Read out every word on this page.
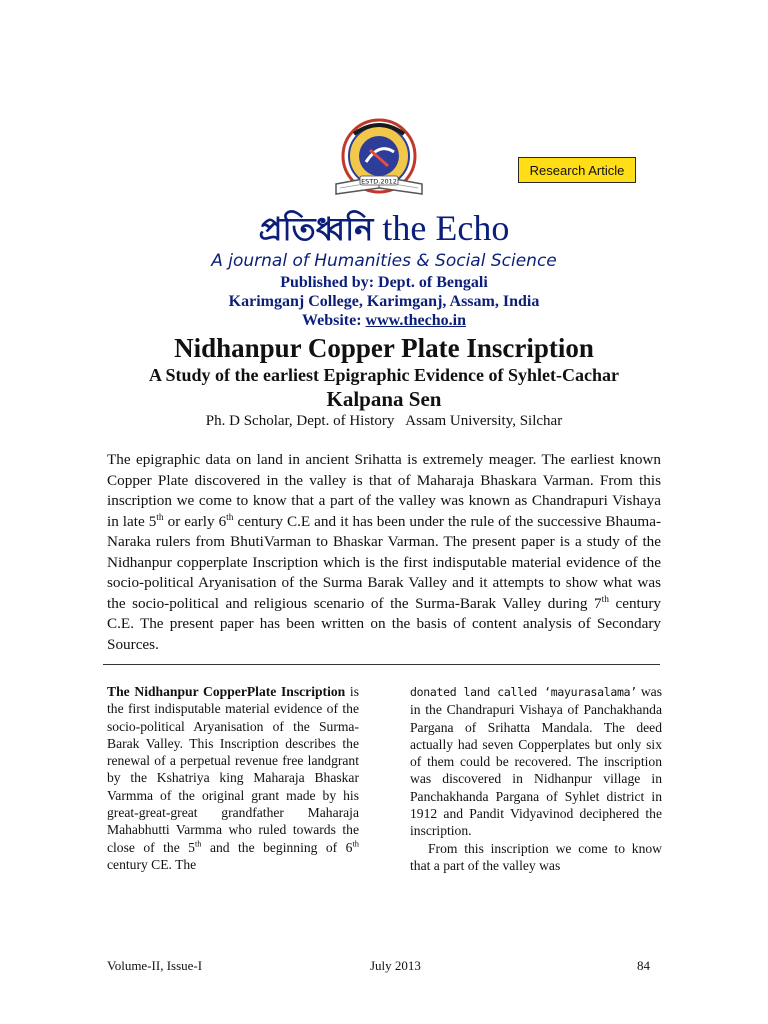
ESTD.2012
Research Article
প্রতিধ্বনি the Echo
A journal of Humanities & Social Science
Published by: Dept. of Bengali
Karimganj College, Karimganj, Assam, India
Website: www.thecho.in
Nidhanpur Copper Plate Inscription
A Study of the earliest Epigraphic Evidence of Syhlet-Cachar
Kalpana Sen
Ph. D Scholar, Dept. of History Assam University, Silchar
The epigraphic data on land in ancient Srihatta is extremely meager. The earliest known Copper Plate discovered in the valley is that of Maharaja Bhaskara Varman. From this inscription we come to know that a part of the valley was known as Chandrapuri Vishaya in late 5th or early 6th century C.E and it has been under the rule of the successive Bhauma-Naraka rulers from BhutiVarman to Bhaskar Varman. The present paper is a study of the Nidhanpur copperplate Inscription which is the first indisputable material evidence of the socio-political Aryanisation of the Surma Barak Valley and it attempts to show what was the socio-political and religious scenario of the Surma-Barak Valley during 7th century C.E. The present paper has been written on the basis of content analysis of Secondary Sources.

The Nidhanpur CopperPlate Inscription is the first indisputable material evidence of the socio-political Aryanisation of the Surma-Barak Valley. This Inscription describes the renewal of a perpetual revenue free landgrant by the Kshatriya king Maharaja Bhaskar Varmma of the original grant made by his great-great-great grandfather Maharaja Mahabhutti Varmma who ruled towards the close of the 5th and the beginning of 6th century CE. The

donated land called ‘mayurasalama’ was in the Chandrapuri Vishaya of Panchakhanda Pargana of Srihatta Mandala. The deed actually had seven Copperplates but only six of them could be recovered. The inscription was discovered in Nidhanpur village in Panchakhanda Pargana of Syhlet district in 1912 and Pandit Vidyavinod deciphered the inscription.

From this inscription we come to know that a part of the valley was

Volume-II, Issue-I	July 2013	84
